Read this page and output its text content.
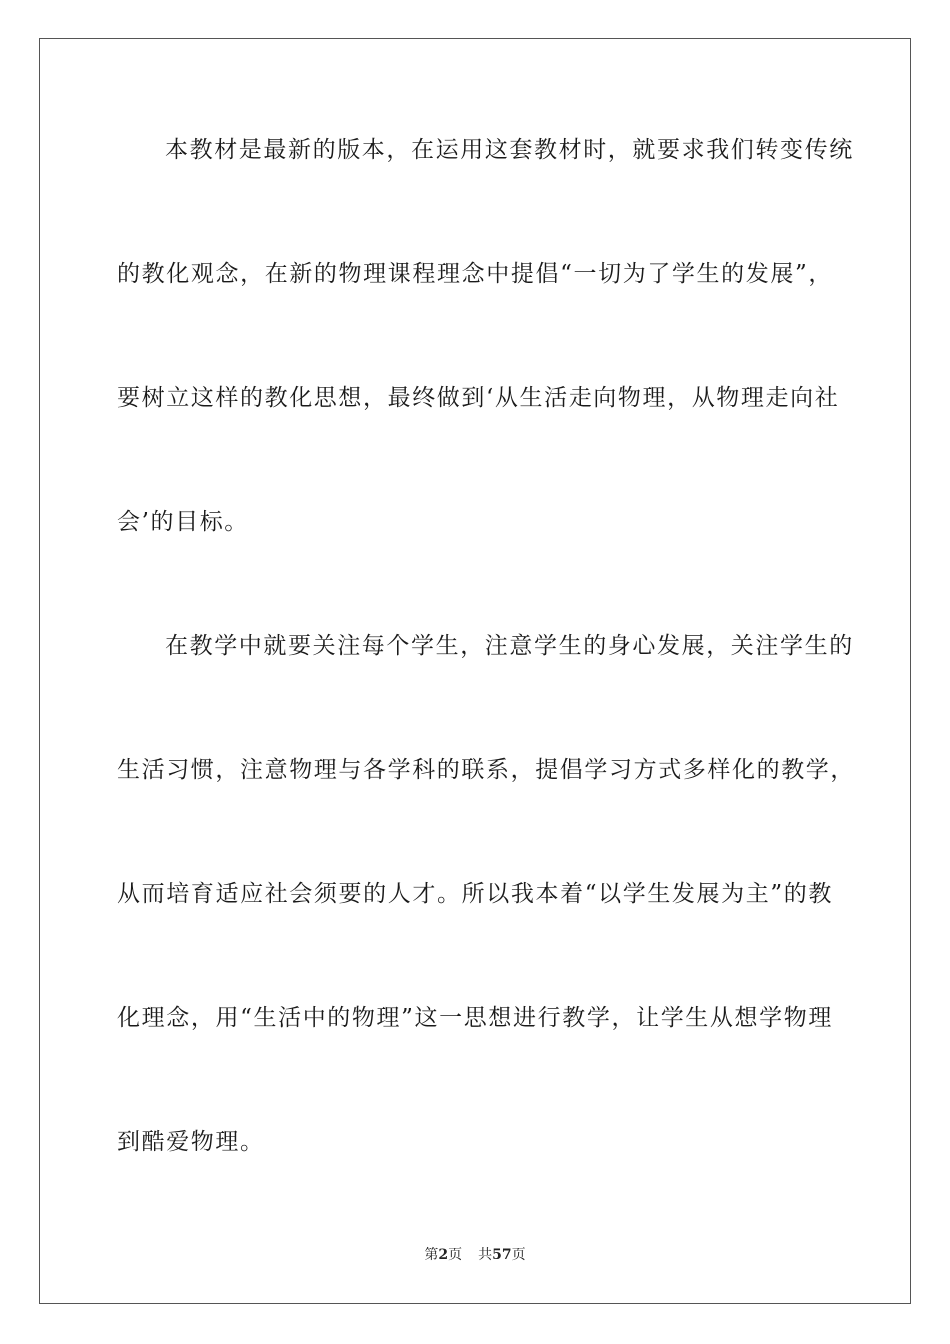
本教材是最新的版本，在运用这套教材时，就要求我们转变传统
的教化观念，在新的物理课程理念中提倡“一切为了学生的发展”，
要树立这样的教化思想，最终做到‘从生活走向物理，从物理走向社
会’的目标。
在教学中就要关注每个学生，注意学生的身心发展，关注学生的
生活习惯，注意物理与各学科的联系，提倡学习方式多样化的教学，
从而培育适应社会须要的人才。所以我本着“以学生发展为主”的教
化理念，用“生活中的物理”这一思想进行教学，让学生从想学物理
到酷爱物理。
第2页 共57页
